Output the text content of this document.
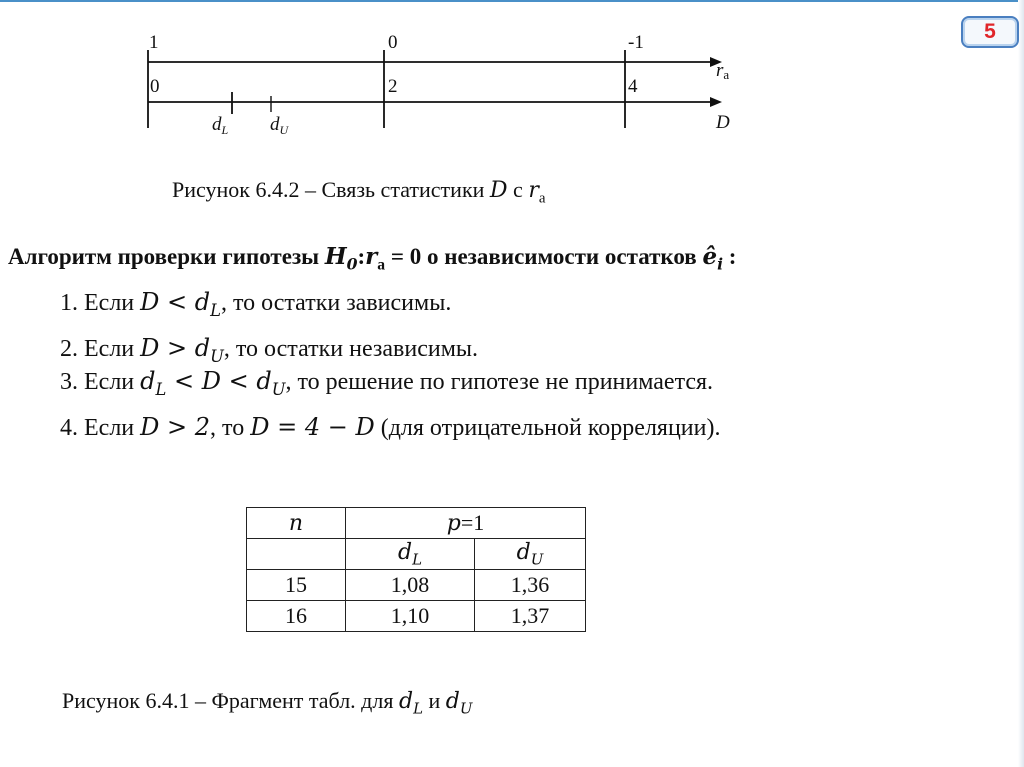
5
1	0	-1
ra
0	2	4
D
$d_L$ $d_U$
Рисунок 6.4.2 – Связь статистики D с $r_a$
Алгоритм проверки гипотезы $H_0:r_a = 0$ о независимости остатков $ê_i$ :
1. Если $D < d_L$, то остатки зависимы.
2. Если $D > d_U$, то остатки независимы.
3. Если $d_L < D < d_U$, то решение по гипотезе не принимается.
4. Если D > 2, то D = 4 − D (для отрицательной корреляции).
n	p=1	
	$d_L$	$d_U$
15	1,08	1,36
16	1,10	1,37
Рисунок 6.4.1 – Фрагмент табл. для $d_L$ и $d_U$
